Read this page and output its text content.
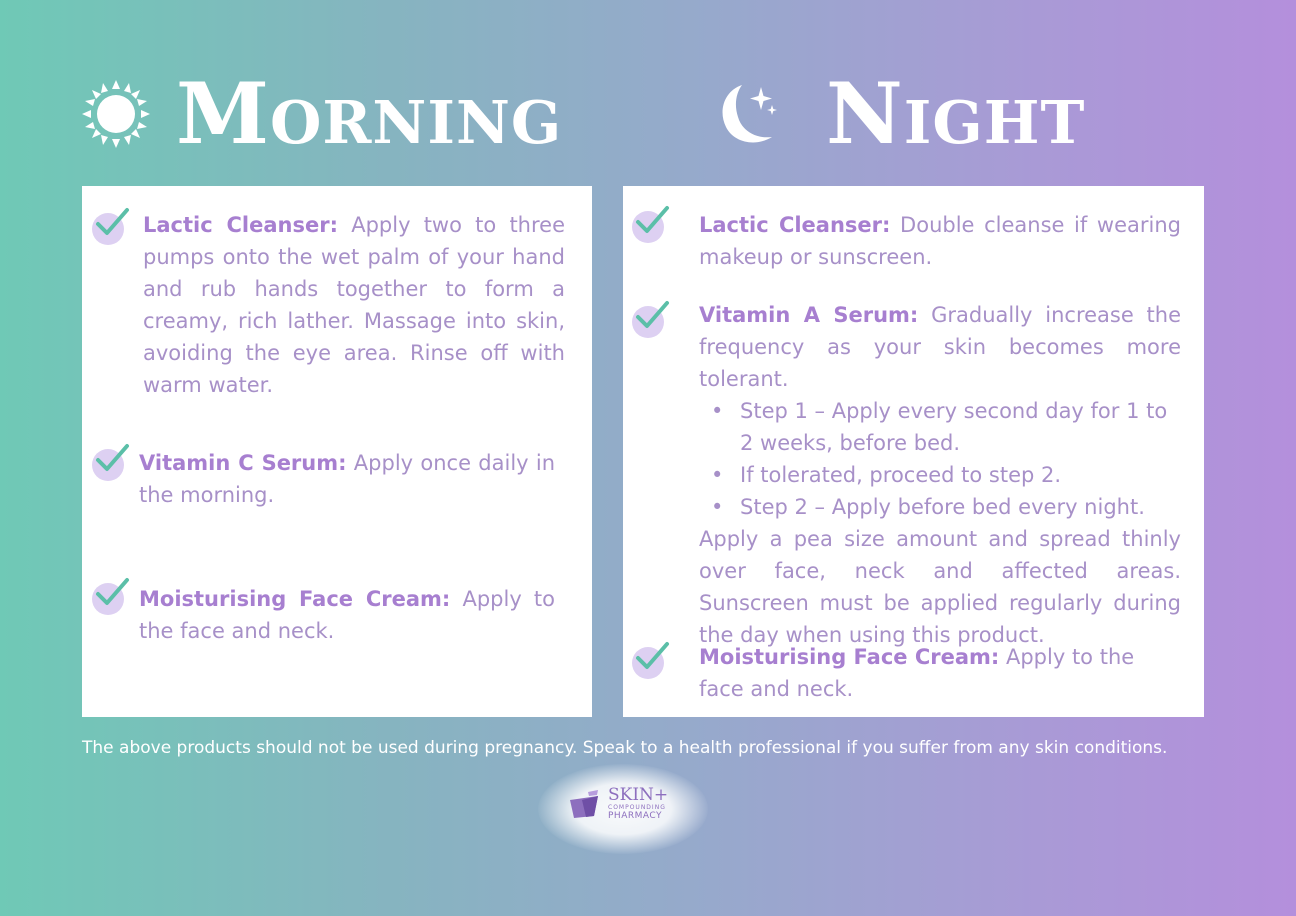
Morning	Night
Lactic Cleanser: Apply two to three pumps onto the wet palm of your hand and rub hands together to form a creamy, rich lather. Massage into skin, avoiding the eye area. Rinse off with warm water.
Vitamin C Serum: Apply once daily in the morning.
Moisturising Face Cream: Apply to the face and neck.
Lactic Cleanser: Double cleanse if wearing makeup or sunscreen.
Vitamin A Serum: Gradually increase the frequency as your skin becomes more tolerant.
• Step 1 – Apply every second day for 1 to 2 weeks, before bed.
• If tolerated, proceed to step 2.
• Step 2 – Apply before bed every night.
Apply a pea size amount and spread thinly over face, neck and affected areas. Sunscreen must be applied regularly during the day when using this product.
Moisturising Face Cream: Apply to the face and neck.
The above products should not be used during pregnancy. Speak to a health professional if you suffer from any skin conditions.
SKIN+
COMPOUNDING
PHARMACY
